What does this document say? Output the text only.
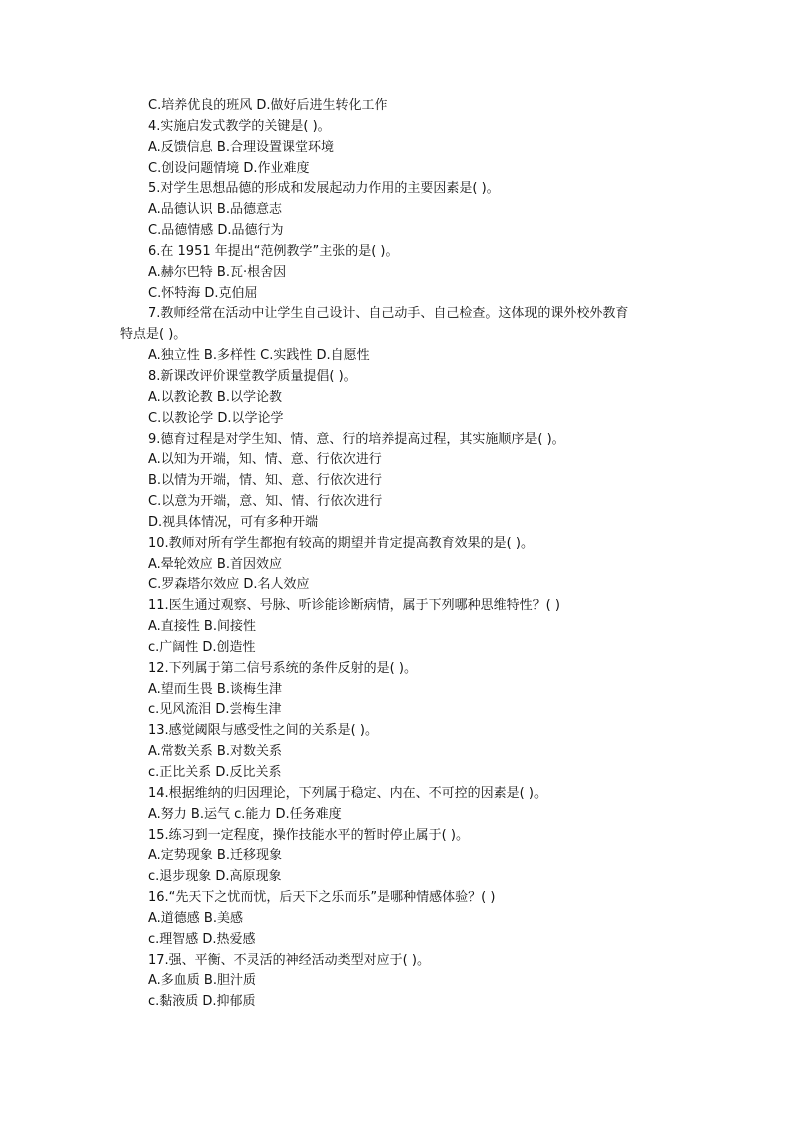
C.培养优良的班风 D.做好后进生转化工作
4.实施启发式教学的关键是( )。
A.反馈信息 B.合理设置课堂环境
C.创设问题情境 D.作业难度
5.对学生思想品德的形成和发展起动力作用的主要因素是( )。
A.品德认识 B.品德意志
C.品德情感 D.品德行为
6.在 1951 年提出“范例教学”主张的是( )。
A.赫尔巴特 B.瓦·根舍因
C.怀特海 D.克伯屈
7.教师经常在活动中让学生自己设计、自己动手、自己检查。这体现的课外校外教育
特点是( )。
A.独立性 B.多样性 C.实践性 D.自愿性
8.新课改评价课堂教学质量提倡( )。
A.以教论教 B.以学论教
C.以教论学 D.以学论学
9.德育过程是对学生知、情、意、行的培养提高过程，其实施顺序是( )。
A.以知为开端，知、情、意、行依次进行
B.以情为开端，情、知、意、行依次进行
C.以意为开端，意、知、情、行依次进行
D.视具体情况，可有多种开端
10.教师对所有学生都抱有较高的期望并肯定提高教育效果的是( )。
A.晕轮效应 B.首因效应
C.罗森塔尔效应 D.名人效应
11.医生通过观察、号脉、听诊能诊断病情，属于下列哪种思维特性？( )
A.直接性 B.间接性
c.广阔性 D.创造性
12.下列属于第二信号系统的条件反射的是( )。
A.望而生畏 B.谈梅生津
c.见风流泪 D.尝梅生津
13.感觉阈限与感受性之间的关系是( )。
A.常数关系 B.对数关系
c.正比关系 D.反比关系
14.根据维纳的归因理论，下列属于稳定、内在、不可控的因素是( )。
A.努力 B.运气 c.能力 D.任务难度
15.练习到一定程度，操作技能水平的暂时停止属于( )。
A.定势现象 B.迁移现象
c.退步现象 D.高原现象
16.“先天下之忧而忧，后天下之乐而乐”是哪种情感体验？( )
A.道德感 B.美感
c.理智感 D.热爱感
17.强、平衡、不灵活的神经活动类型对应于( )。
A.多血质 B.胆汁质
c.黏液质 D.抑郁质
